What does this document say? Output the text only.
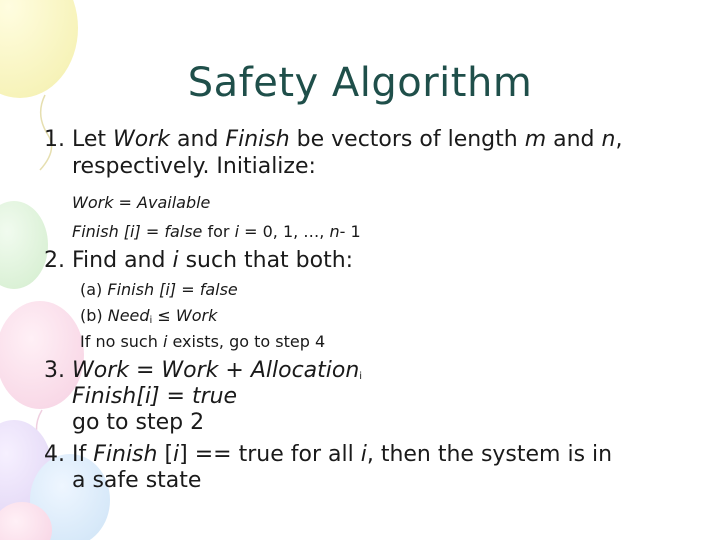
Safety Algorithm
1. Let Work and Finish be vectors of length m and n,
respectively. Initialize:
Work = Available
Finish [i] = false for i = 0, 1, …, n- 1
2. Find and i such that both:
(a) Finish [i] = false
(b) Need$_i$ ≤ Work
If no such i exists, go to step 4
3. Work = Work + Allocation$_i$
Finish[i] = true
go to step 2
4. If Finish [i] == true for all i, then the system is in
a safe state
